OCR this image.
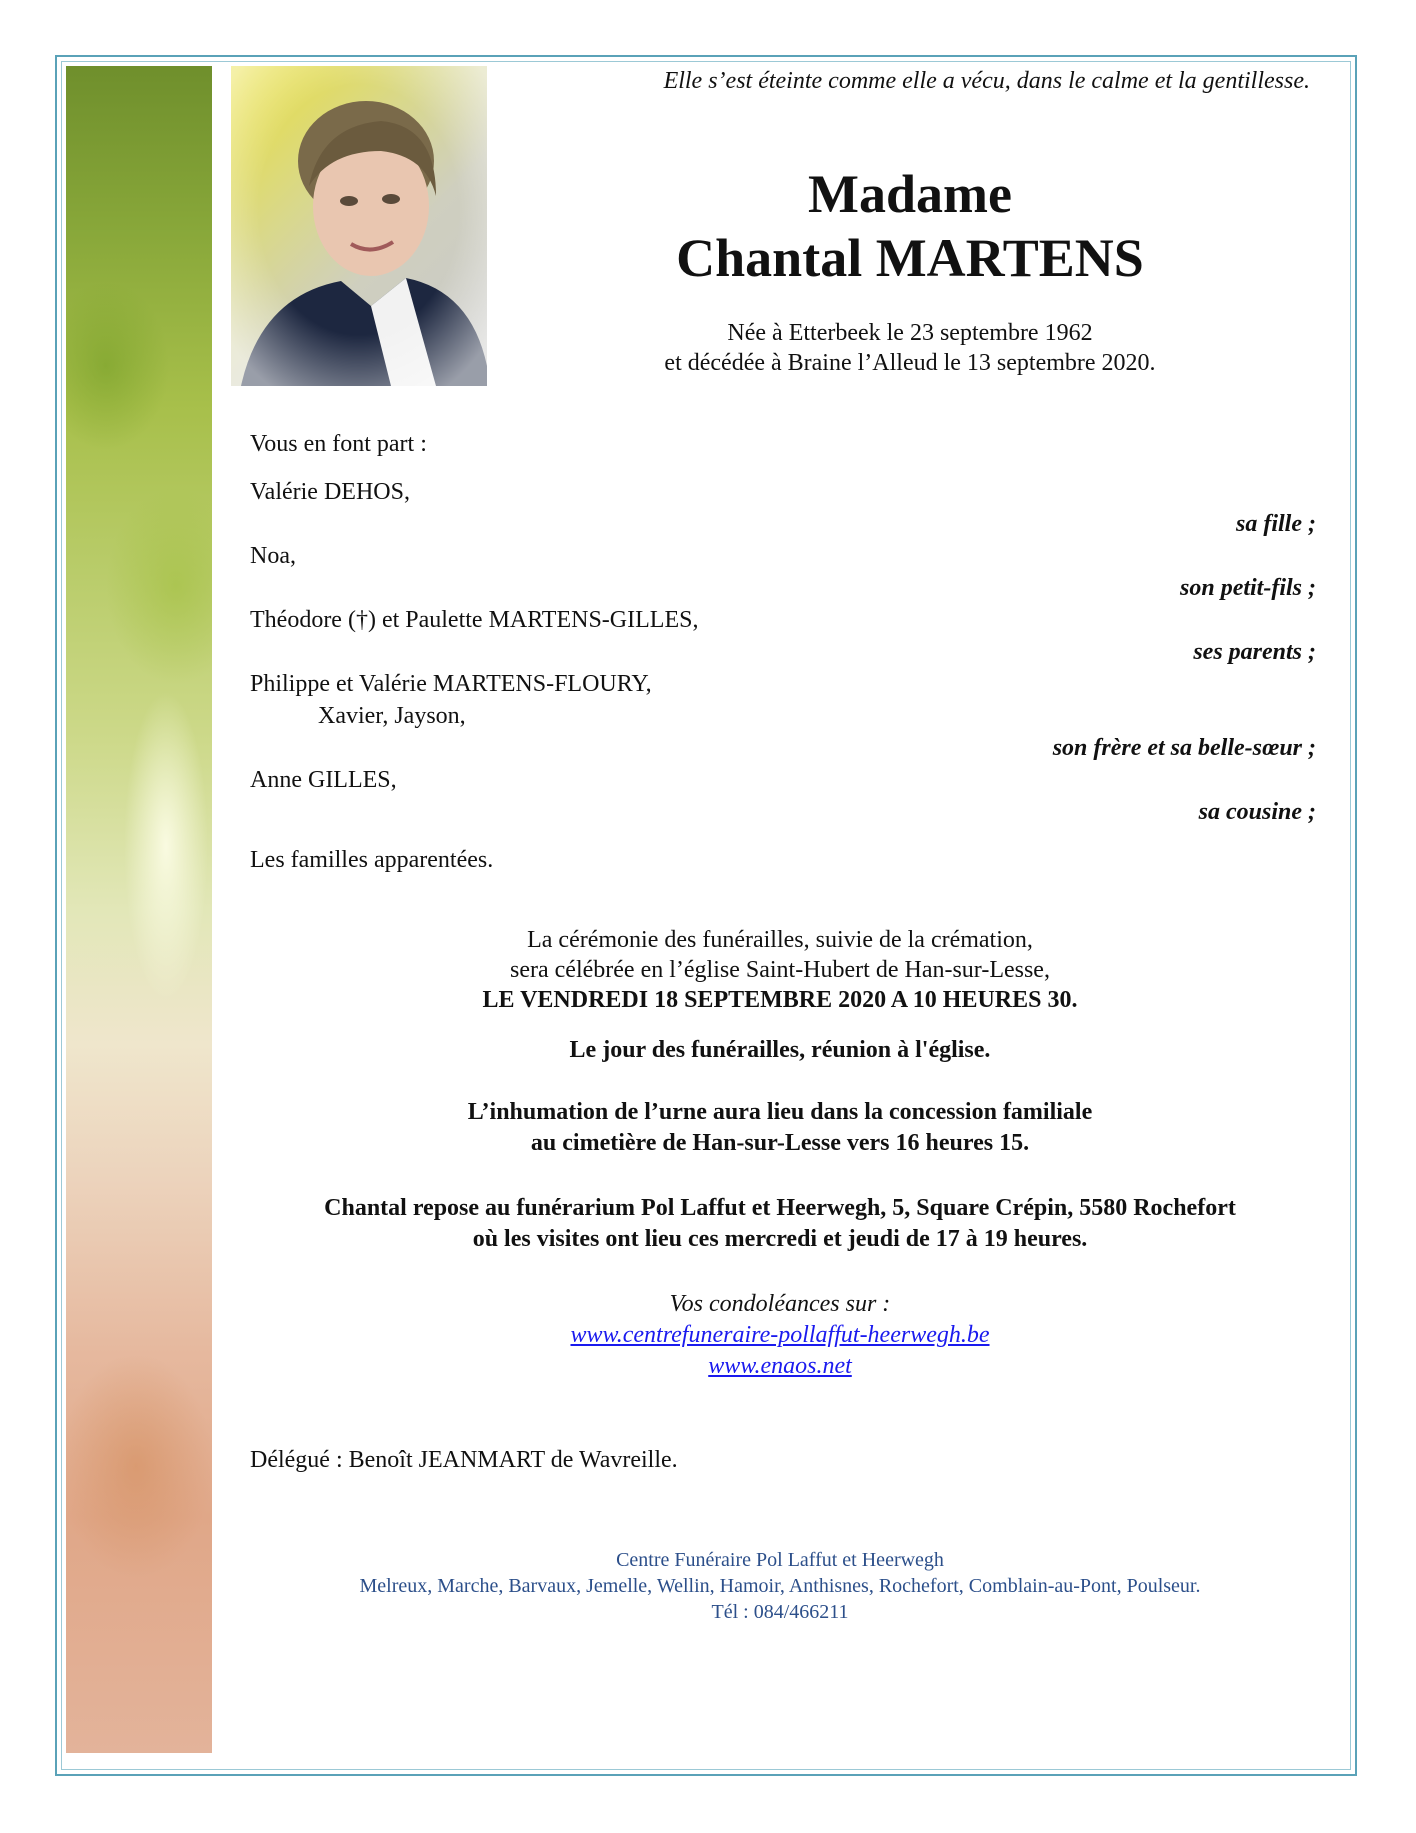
Elle s’est éteinte comme elle a vécu, dans le calme et la gentillesse.
Madame
Chantal MARTENS
Née à Etterbeek le 23 septembre 1962
et décédée à Braine l’Alleud le 13 septembre 2020.
Vous en font part :
Valérie DEHOS,
sa fille ;
Noa,
son petit-fils ;
Théodore (†) et Paulette MARTENS-GILLES,
ses parents ;
Philippe et Valérie MARTENS-FLOURY,
Xavier, Jayson,
son frère et sa belle-sœur ;
Anne GILLES,
sa cousine ;
Les familles apparentées.
La cérémonie des funérailles, suivie de la crémation,
sera célébrée en l’église Saint-Hubert de Han-sur-Lesse,
LE VENDREDI 18 SEPTEMBRE 2020 A 10 HEURES 30.
Le jour des funérailles, réunion à l'église.
L’inhumation de l’urne aura lieu dans la concession familiale
au cimetière de Han-sur-Lesse vers 16 heures 15.
Chantal repose au funérarium Pol Laffut et Heerwegh, 5, Square Crépin, 5580 Rochefort
où les visites ont lieu ces mercredi et jeudi de 17 à 19 heures.
Vos condoléances sur :
www.centrefuneraire-pollaffut-heerwegh.be
www.enaos.net
Délégué : Benoît JEANMART de Wavreille.
Centre Funéraire Pol Laffut et Heerwegh
Melreux, Marche, Barvaux, Jemelle, Wellin, Hamoir, Anthisnes, Rochefort, Comblain-au-Pont, Poulseur.
Tél : 084/466211
